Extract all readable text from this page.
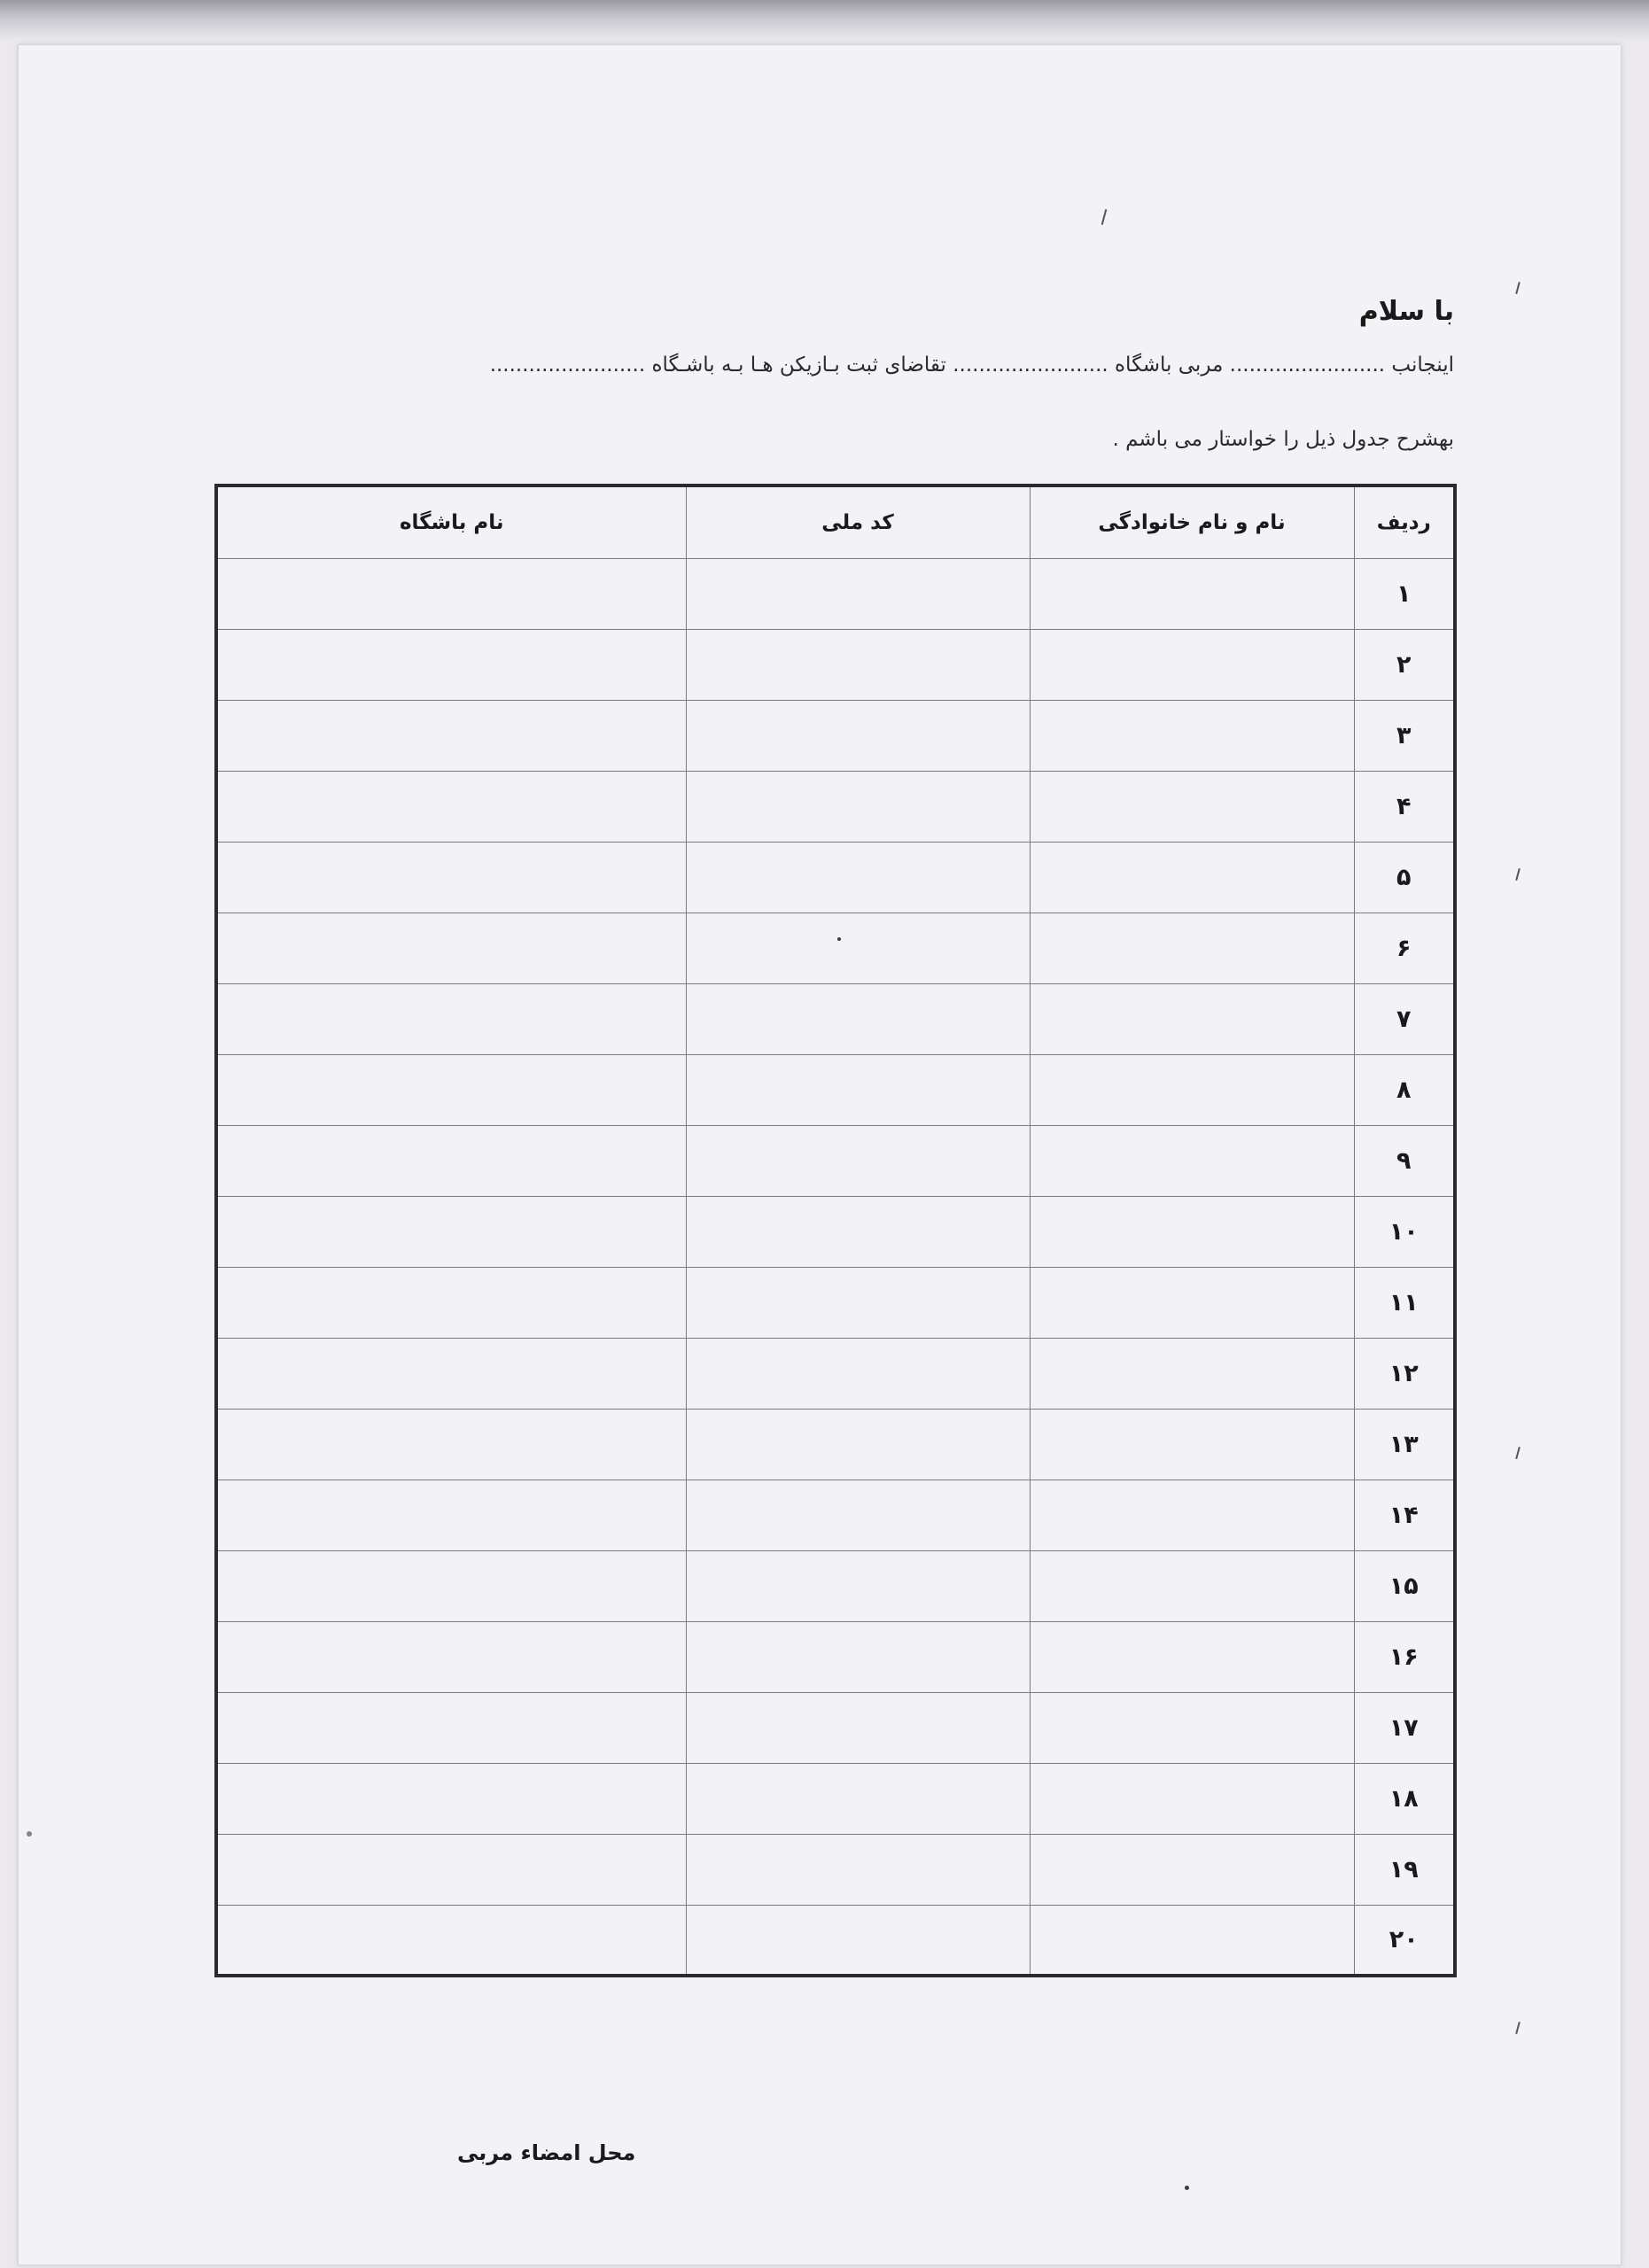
با سلام
اینجانب ........................ مربی باشگاه ........................ تقاضای ثبت بـازیکن هـا بـه باشـگاه ........................
بهشرح جدول ذیل را خواستار می باشم .
ردیف	نام و نام خانوادگی	کد ملی	نام باشگاه
۱			
۲			
۳			
۴			
۵			
۶			
۷			
۸			
۹			
۱۰			
۱۱			
۱۲			
۱۳			
۱۴			
۱۵			
۱۶			
۱۷			
۱۸			
۱۹			
۲۰			
محل امضاء مربی
